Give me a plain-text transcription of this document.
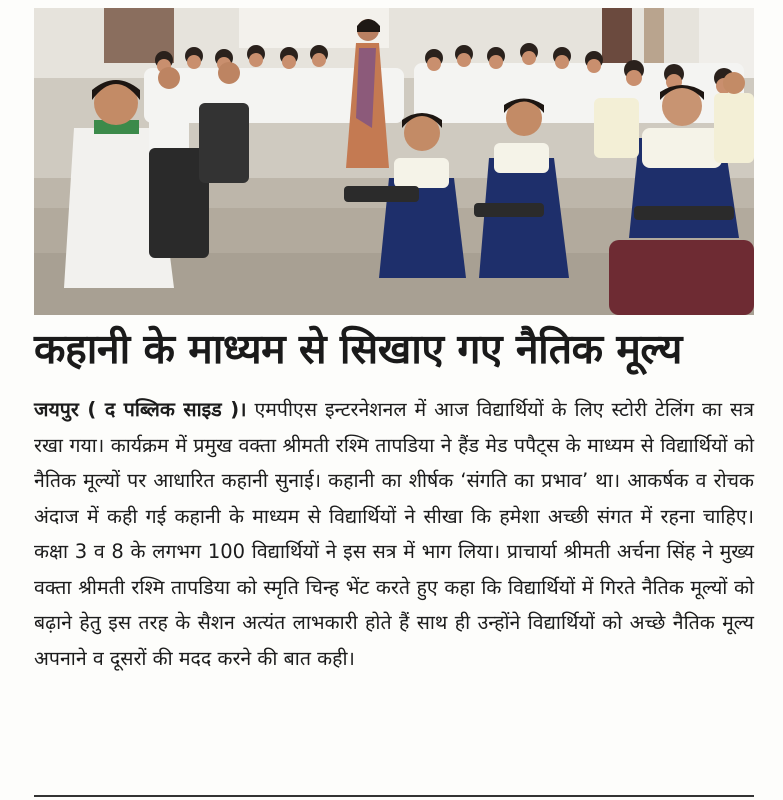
कहानी के माध्यम से सिखाए गए नैतिक मूल्य

जयपुर ( द पब्लिक साइड )। एमपीएस इन्टरनेशनल में आज विद्यार्थियों के लिए स्टोरी टेलिंग का सत्र रखा गया। कार्यक्रम में प्रमुख वक्ता श्रीमती रश्मि तापडिया ने हैंड मेड पपैट्स के माध्यम से विद्यार्थियों को नैतिक मूल्यों पर आधारित कहानी सुनाई। कहानी का शीर्षक ‘संगति का प्रभाव’ था। आकर्षक व रोचक अंदाज में कही गई कहानी के माध्यम से विद्यार्थियों ने सीखा कि हमेशा अच्छी संगत में रहना चाहिए। कक्षा 3 व 8 के लगभग 100 विद्यार्थियों ने इस सत्र में भाग लिया। प्राचार्या श्रीमती अर्चना सिंह ने मुख्य वक्ता श्रीमती रश्मि तापडिया को स्मृति चिन्ह भेंट करते हुए कहा कि विद्यार्थियों में गिरते नैतिक मूल्यों को बढ़ाने हेतु इस तरह के सैशन अत्यंत लाभकारी होते हैं साथ ही उन्होंने विद्यार्थियों को अच्छे नैतिक मूल्य अपनाने व दूसरों की मदद करने की बात कही।
